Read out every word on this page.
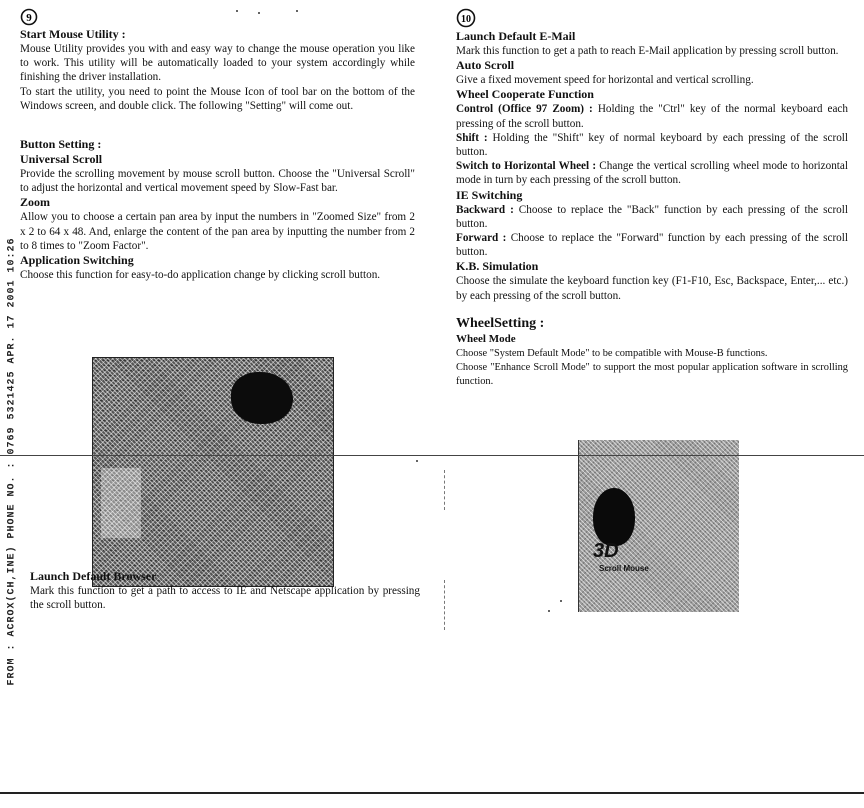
FROM : ACROX(CH,INE) PHONE NO. : 0769 5321425 APR. 17 2001 10:26
9
Start Mouse Utility :

Mouse Utility provides you with and easy way to change the mouse operation you like to work. This utility will be automatically loaded to your system accordingly while finishing the driver installation.

To start the utility, you need to point the Mouse Icon of tool bar on the bottom of the Windows screen, and double click. The following "Setting" will come out.

Button Setting :
Universal Scroll

Provide the scrolling movement by mouse scroll button. Choose the "Universal Scroll" to adjust the horizontal and vertical movement speed by Slow-Fast bar.

Zoom

Allow you to choose a certain pan area by input the numbers in "Zoomed Size" from 2 x 2 to 64 x 48. And, enlarge the content of the pan area by inputting the number from 2 to 8 times to "Zoom Factor".

Application Switching

Choose this function for easy-to-do application change by clicking scroll button.

Launch Default Browser

Mark this function to get a path to access to IE and Netscape application by pressing the scroll button.

10
Launch Default E-Mail

Mark this function to get a path to reach E-Mail application by pressing scroll button.

Auto Scroll

Give a fixed movement speed for horizontal and vertical scrolling.

Wheel Cooperate Function

Control (Office 97 Zoom) : Holding the "Ctrl" key of the normal keyboard each pressing of the scroll button.

Shift : Holding the "Shift" key of normal keyboard by each pressing of the scroll button.

Switch to Horizontal Wheel : Change the vertical scrolling wheel mode to horizontal mode in turn by each pressing of the scroll button.

IE Switching

Backward : Choose to replace the "Back" function by each pressing of the scroll button.

Forward : Choose to replace the "Forward" function by each pressing of the scroll button.

K.B. Simulation

Choose the simulate the keyboard function key (F1-F10, Esc, Backspace, Enter,... etc.) by each pressing of the scroll button.

WheelSetting :
Wheel Mode

Choose "System Default Mode" to be compatible with Mouse-B functions.

Choose "Enhance Scroll Mode" to support the most popular application software in scrolling function.

3D
Scroll Mouse
